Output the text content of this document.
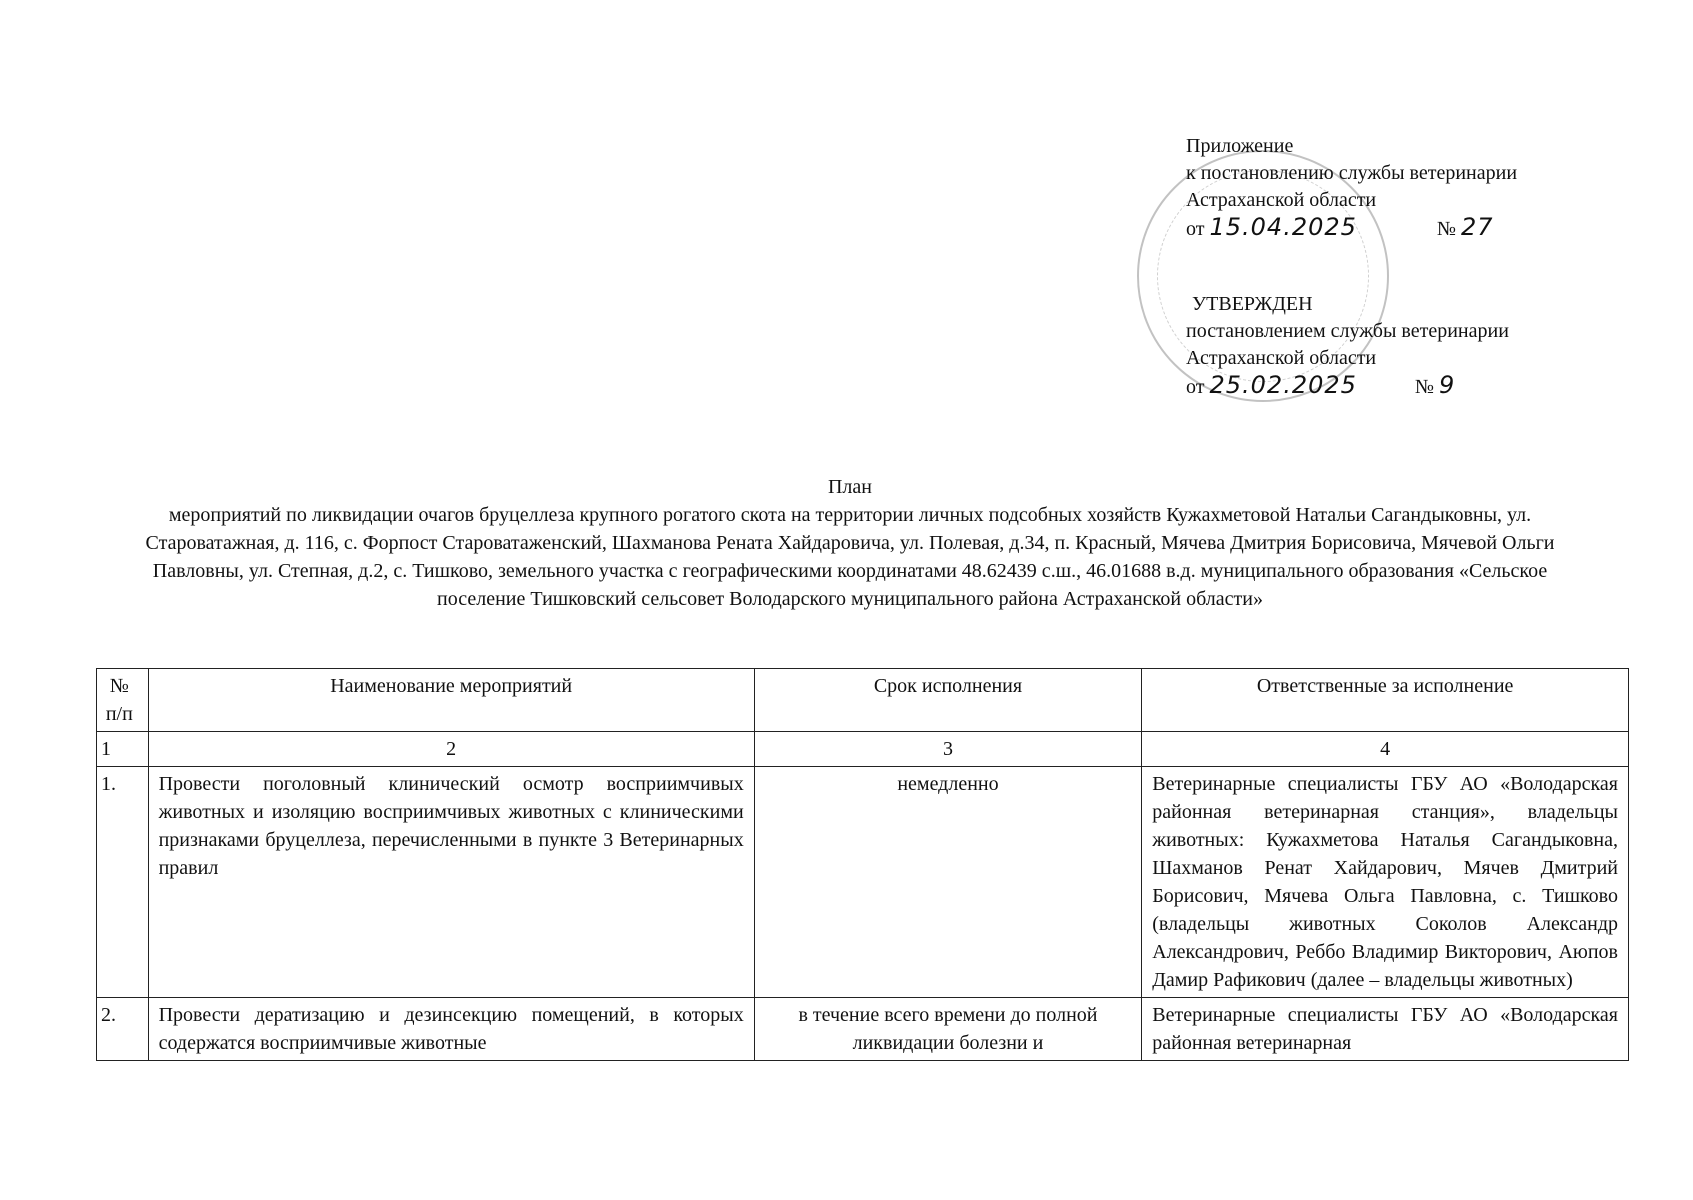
Приложение
к постановлению службы ветеринарии
Астраханской области
от 15.04.2025	№ 27
УТВЕРЖДЕН
постановлением службы ветеринарии
Астраханской области
от 25.02.2025	№ 9
План
мероприятий по ликвидации очагов бруцеллеза крупного рогатого скота на территории личных подсобных хозяйств Кужахметовой Натальи Сагандыковны, ул. Староватажная, д. 116, с. Форпост Староватаженский, Шахманова Рената Хайдаровича, ул. Полевая, д.34, п. Красный, Мячева Дмитрия Борисовича, Мячевой Ольги Павловны, ул. Степная, д.2, с. Тишково, земельного участка с географическими координатами 48.62439 с.ш., 46.01688 в.д. муниципального образования «Сельское поселение Тишковский сельсовет Володарского муниципального района Астраханской области»
№ п/п	Наименование мероприятий	Срок исполнения	Ответственные за исполнение
1	2	3	4
1.	Провести поголовный клинический осмотр восприимчивых животных и изоляцию восприимчивых животных с клиническими признаками бруцеллеза, перечисленными в пункте 3 Ветеринарных правил	немедленно	Ветеринарные специалисты ГБУ АО «Володарская районная ветеринарная станция», владельцы животных: Кужахметова Наталья Сагандыковна, Шахманов Ренат Хайдарович, Мячев Дмитрий Борисович, Мячева Ольга Павловна, с. Тишково (владельцы животных Соколов Александр Александрович, Реббо Владимир Викторович, Аюпов Дамир Рафикович (далее – владельцы животных)
2.	Провести дератизацию и дезинсекцию помещений, в которых содержатся восприимчивые животные	в течение всего времени до полной ликвидации болезни и	Ветеринарные специалисты ГБУ АО «Володарская районная ветеринарная
